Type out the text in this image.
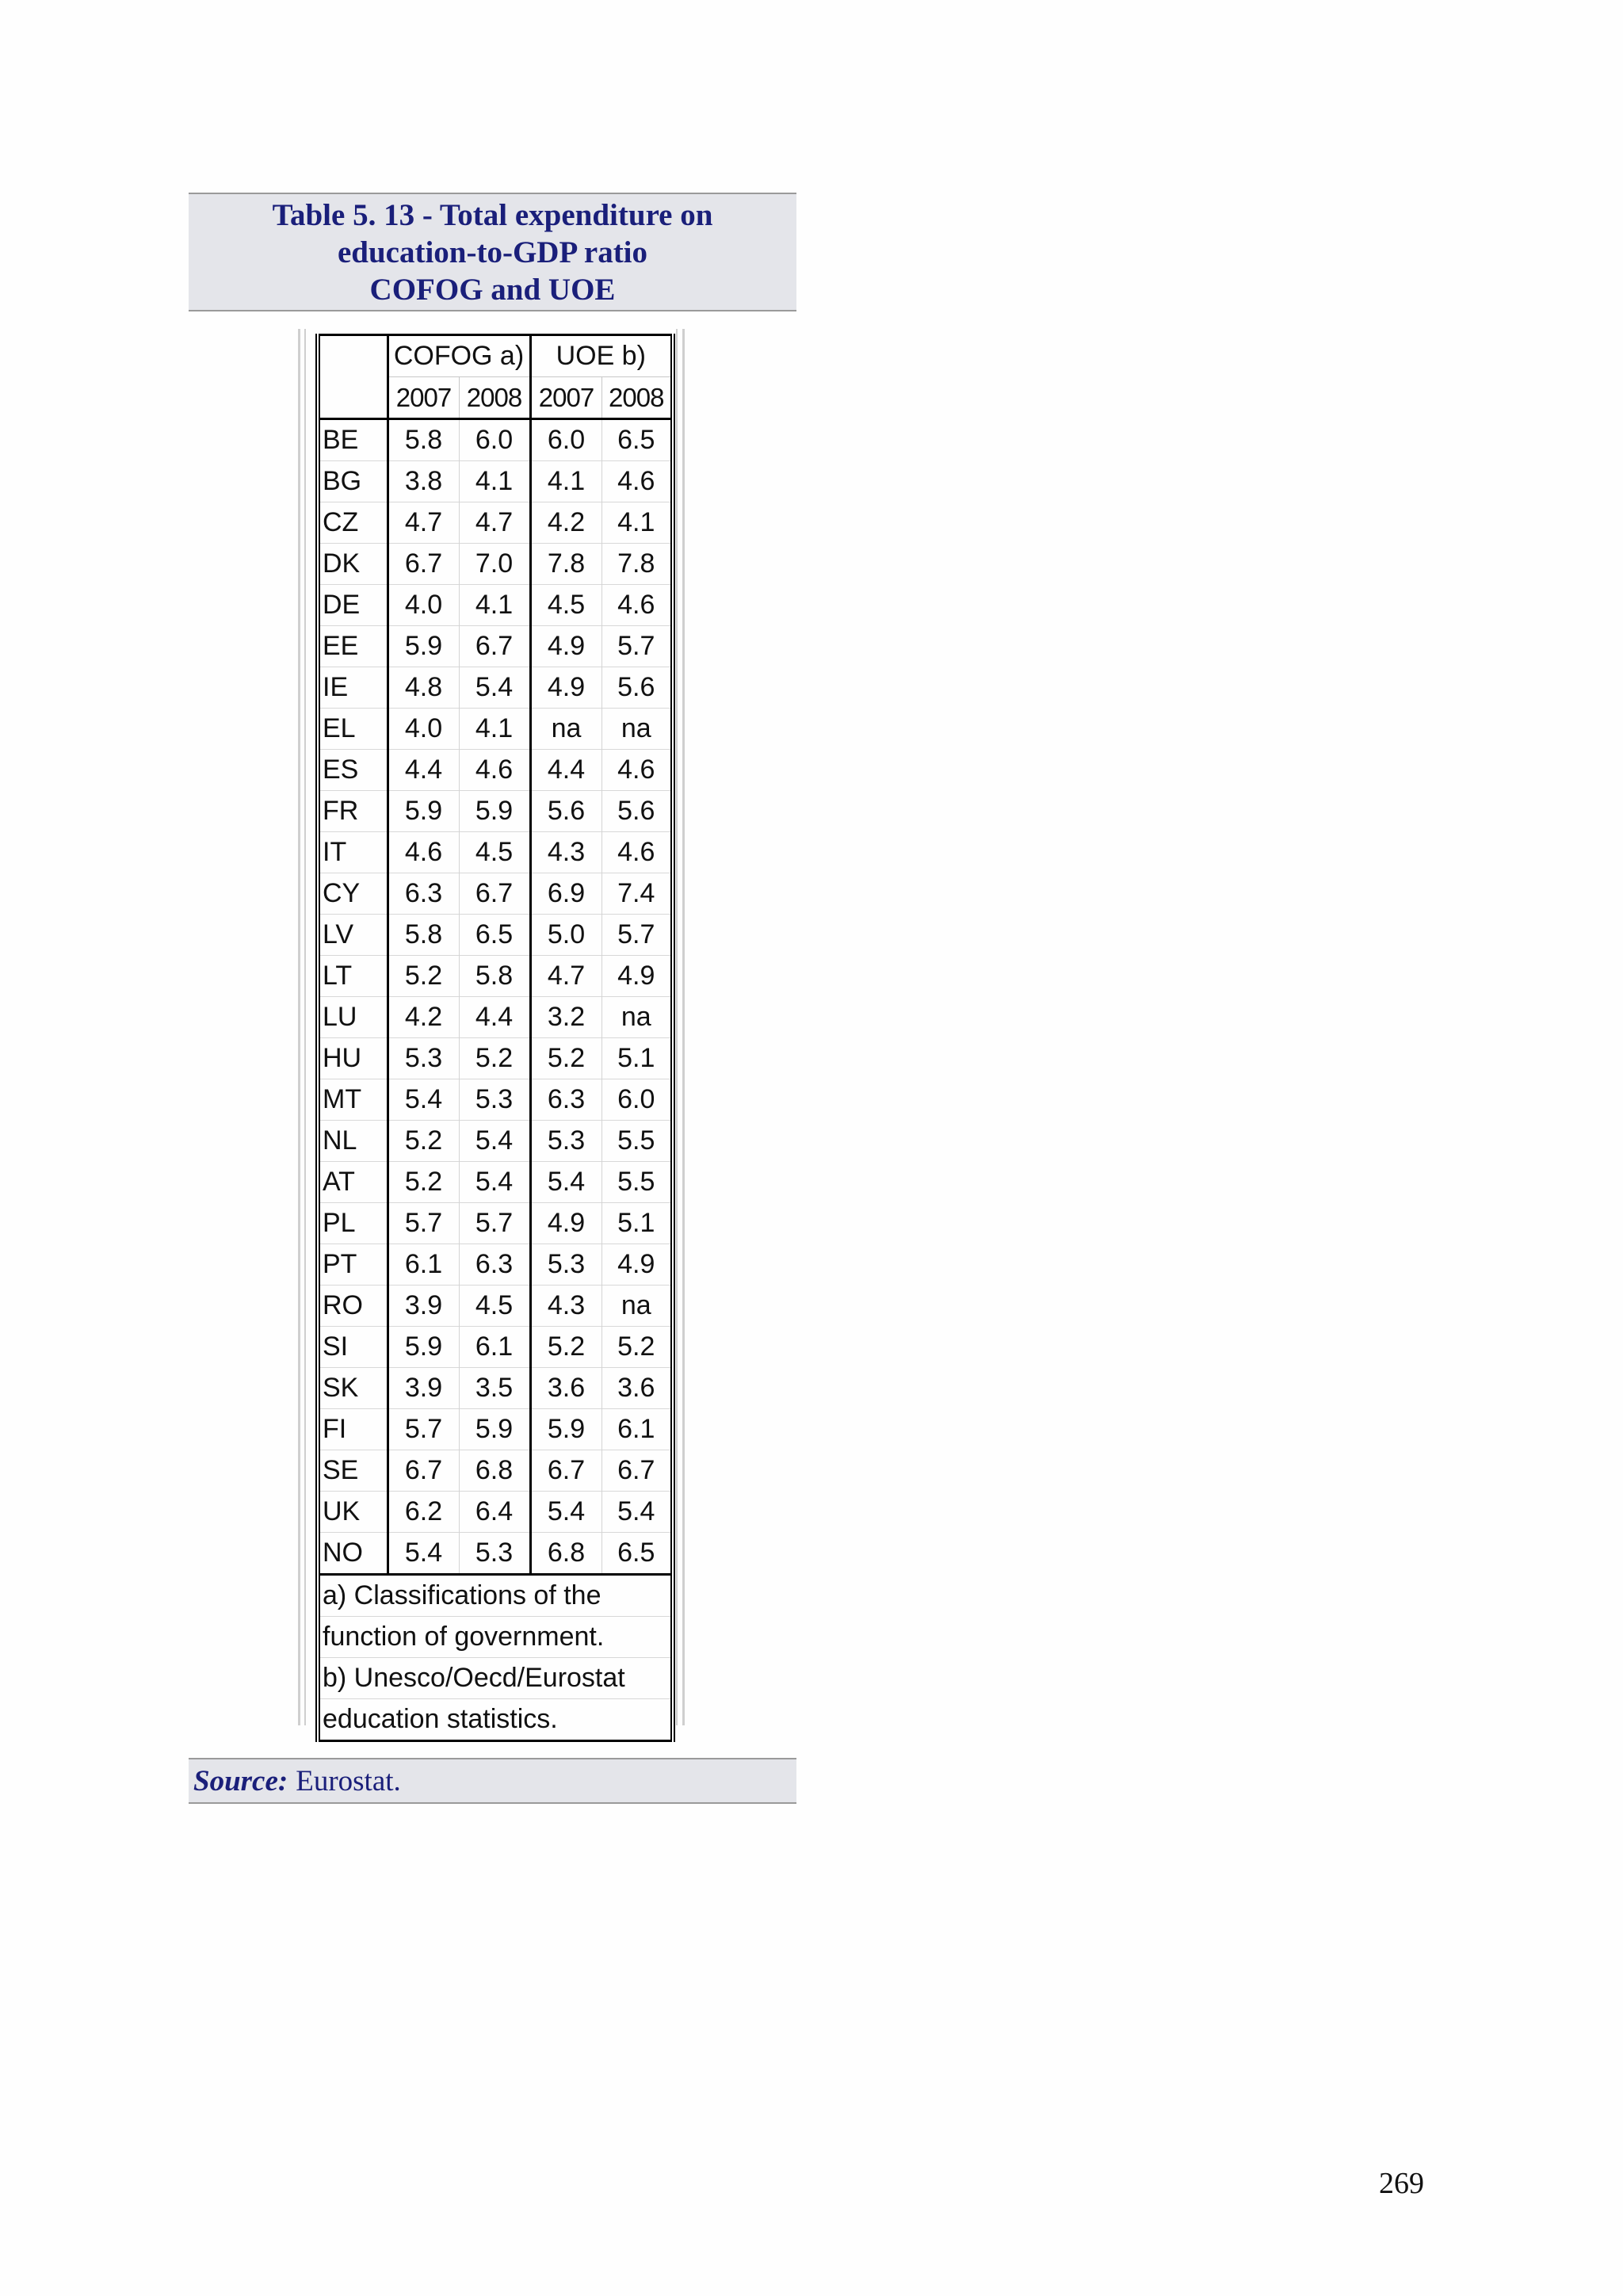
Table 5. 13 - Total expenditure on
education-to-GDP ratio
COFOG and UOE
	COFOG a)		UOE b)	
	2007	2008	2007	2008
BE	5.8	6.0	6.0	6.5
BG	3.8	4.1	4.1	4.6
CZ	4.7	4.7	4.2	4.1
DK	6.7	7.0	7.8	7.8
DE	4.0	4.1	4.5	4.6
EE	5.9	6.7	4.9	5.7
IE	4.8	5.4	4.9	5.6
EL	4.0	4.1	na	na
ES	4.4	4.6	4.4	4.6
FR	5.9	5.9	5.6	5.6
IT	4.6	4.5	4.3	4.6
CY	6.3	6.7	6.9	7.4
LV	5.8	6.5	5.0	5.7
LT	5.2	5.8	4.7	4.9
LU	4.2	4.4	3.2	na
HU	5.3	5.2	5.2	5.1
MT	5.4	5.3	6.3	6.0
NL	5.2	5.4	5.3	5.5
AT	5.2	5.4	5.4	5.5
PL	5.7	5.7	4.9	5.1
PT	6.1	6.3	5.3	4.9
RO	3.9	4.5	4.3	na
SI	5.9	6.1	5.2	5.2
SK	3.9	3.5	3.6	3.6
FI	5.7	5.9	5.9	6.1
SE	6.7	6.8	6.7	6.7
UK	6.2	6.4	5.4	5.4
NO	5.4	5.3	6.8	6.5
a) Classifications of the				
function of government.				
b) Unesco/Oecd/Eurostat				
education statistics.				
Source: Eurostat.
269
